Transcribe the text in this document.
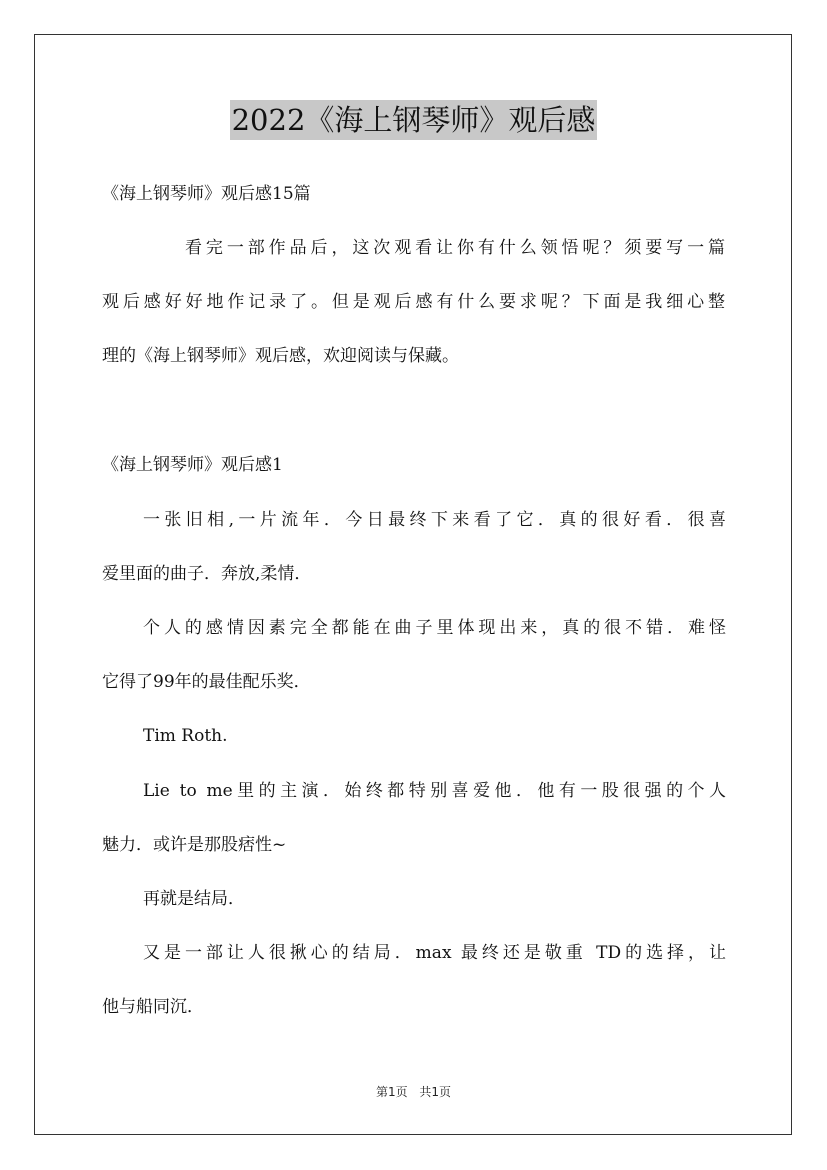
2022《海上钢琴师》观后感
《海上钢琴师》观后感15篇
看完一部作品后，这次观看让你有什么领悟呢？须要写一篇
观后感好好地作记录了。但是观后感有什么要求呢？下面是我细心整
理的《海上钢琴师》观后感，欢迎阅读与保藏。
《海上钢琴师》观后感1
一张旧相,一片流年．今日最终下来看了它．真的很好看．很喜
爱里面的曲子．奔放,柔情．
个人的感情因素完全都能在曲子里体现出来，真的很不错．难怪
它得了99年的最佳配乐奖．
Tim Roth.
Lie to me里的主演．始终都特别喜爱他．他有一股很强的个人
魅力．或许是那股痞性~
再就是结局．
又是一部让人很揪心的结局．max 最终还是敬重 TD的选择，让
他与船同沉．
第1页 共1页
